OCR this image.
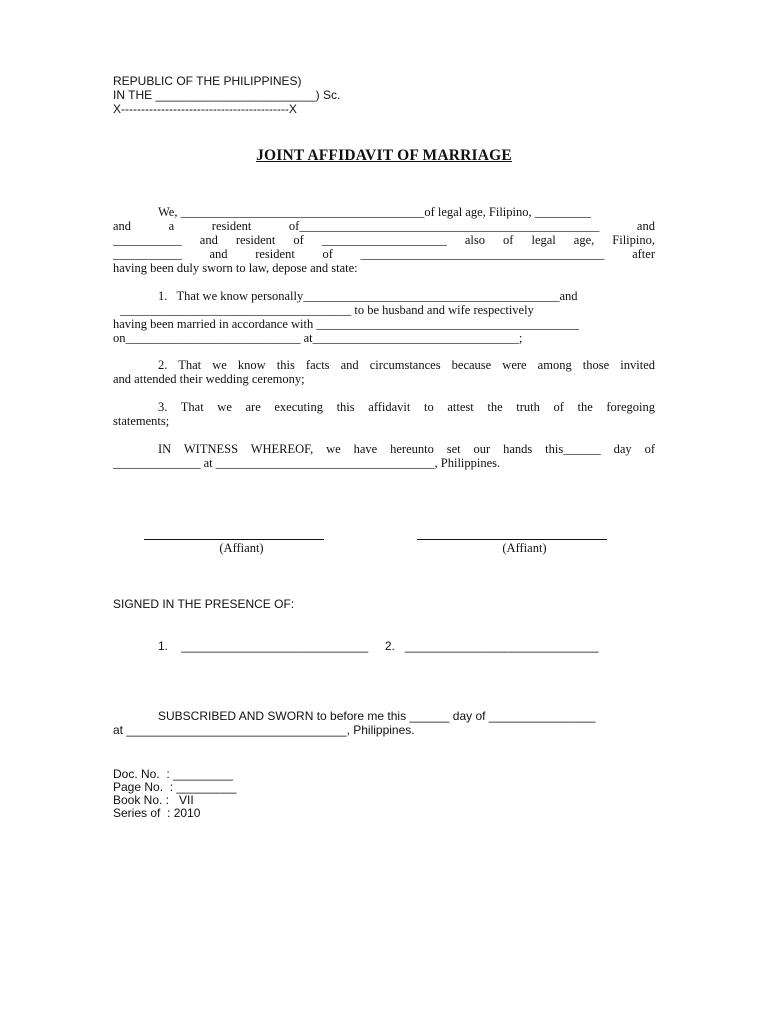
REPUBLIC OF THE PHILIPPINES)
IN THE ________________________) Sc.
X------------------------------------------X
JOINT AFFIDAVIT OF MARRIAGE
We, _______________________________________of legal age, Filipino, _________
and a resident of________________________________________________ and
___________ and resident of ____________________ also of legal age, Filipino,
___________ and resident of _______________________________________ after
having been duly sworn to law, depose and state:
1.   That we know personally_________________________________________and
_____________________________________ to be husband and wife respectively
having been married in accordance with __________________________________________
on____________________________ at_________________________________;
2. That we know this facts and circumstances because were among those invited
and attended their wedding ceremony;
3. That we are executing this affidavit to attest the truth of the foregoing
statements;
IN WITNESS WHEREOF, we have hereunto set our hands this______ day of
______________ at ___________________________________, Philippines.
(Affiant)	(Affiant)
SIGNED IN THE PRESENCE OF:
1.    ____________________________     2.   _____________________________
SUBSCRIBED AND SWORN to before me this ______ day of ________________
at _________________________________, Philippines.
Doc. No.  : _________
Page No.  : _________
Book No. :   VII
Series of  : 2010
